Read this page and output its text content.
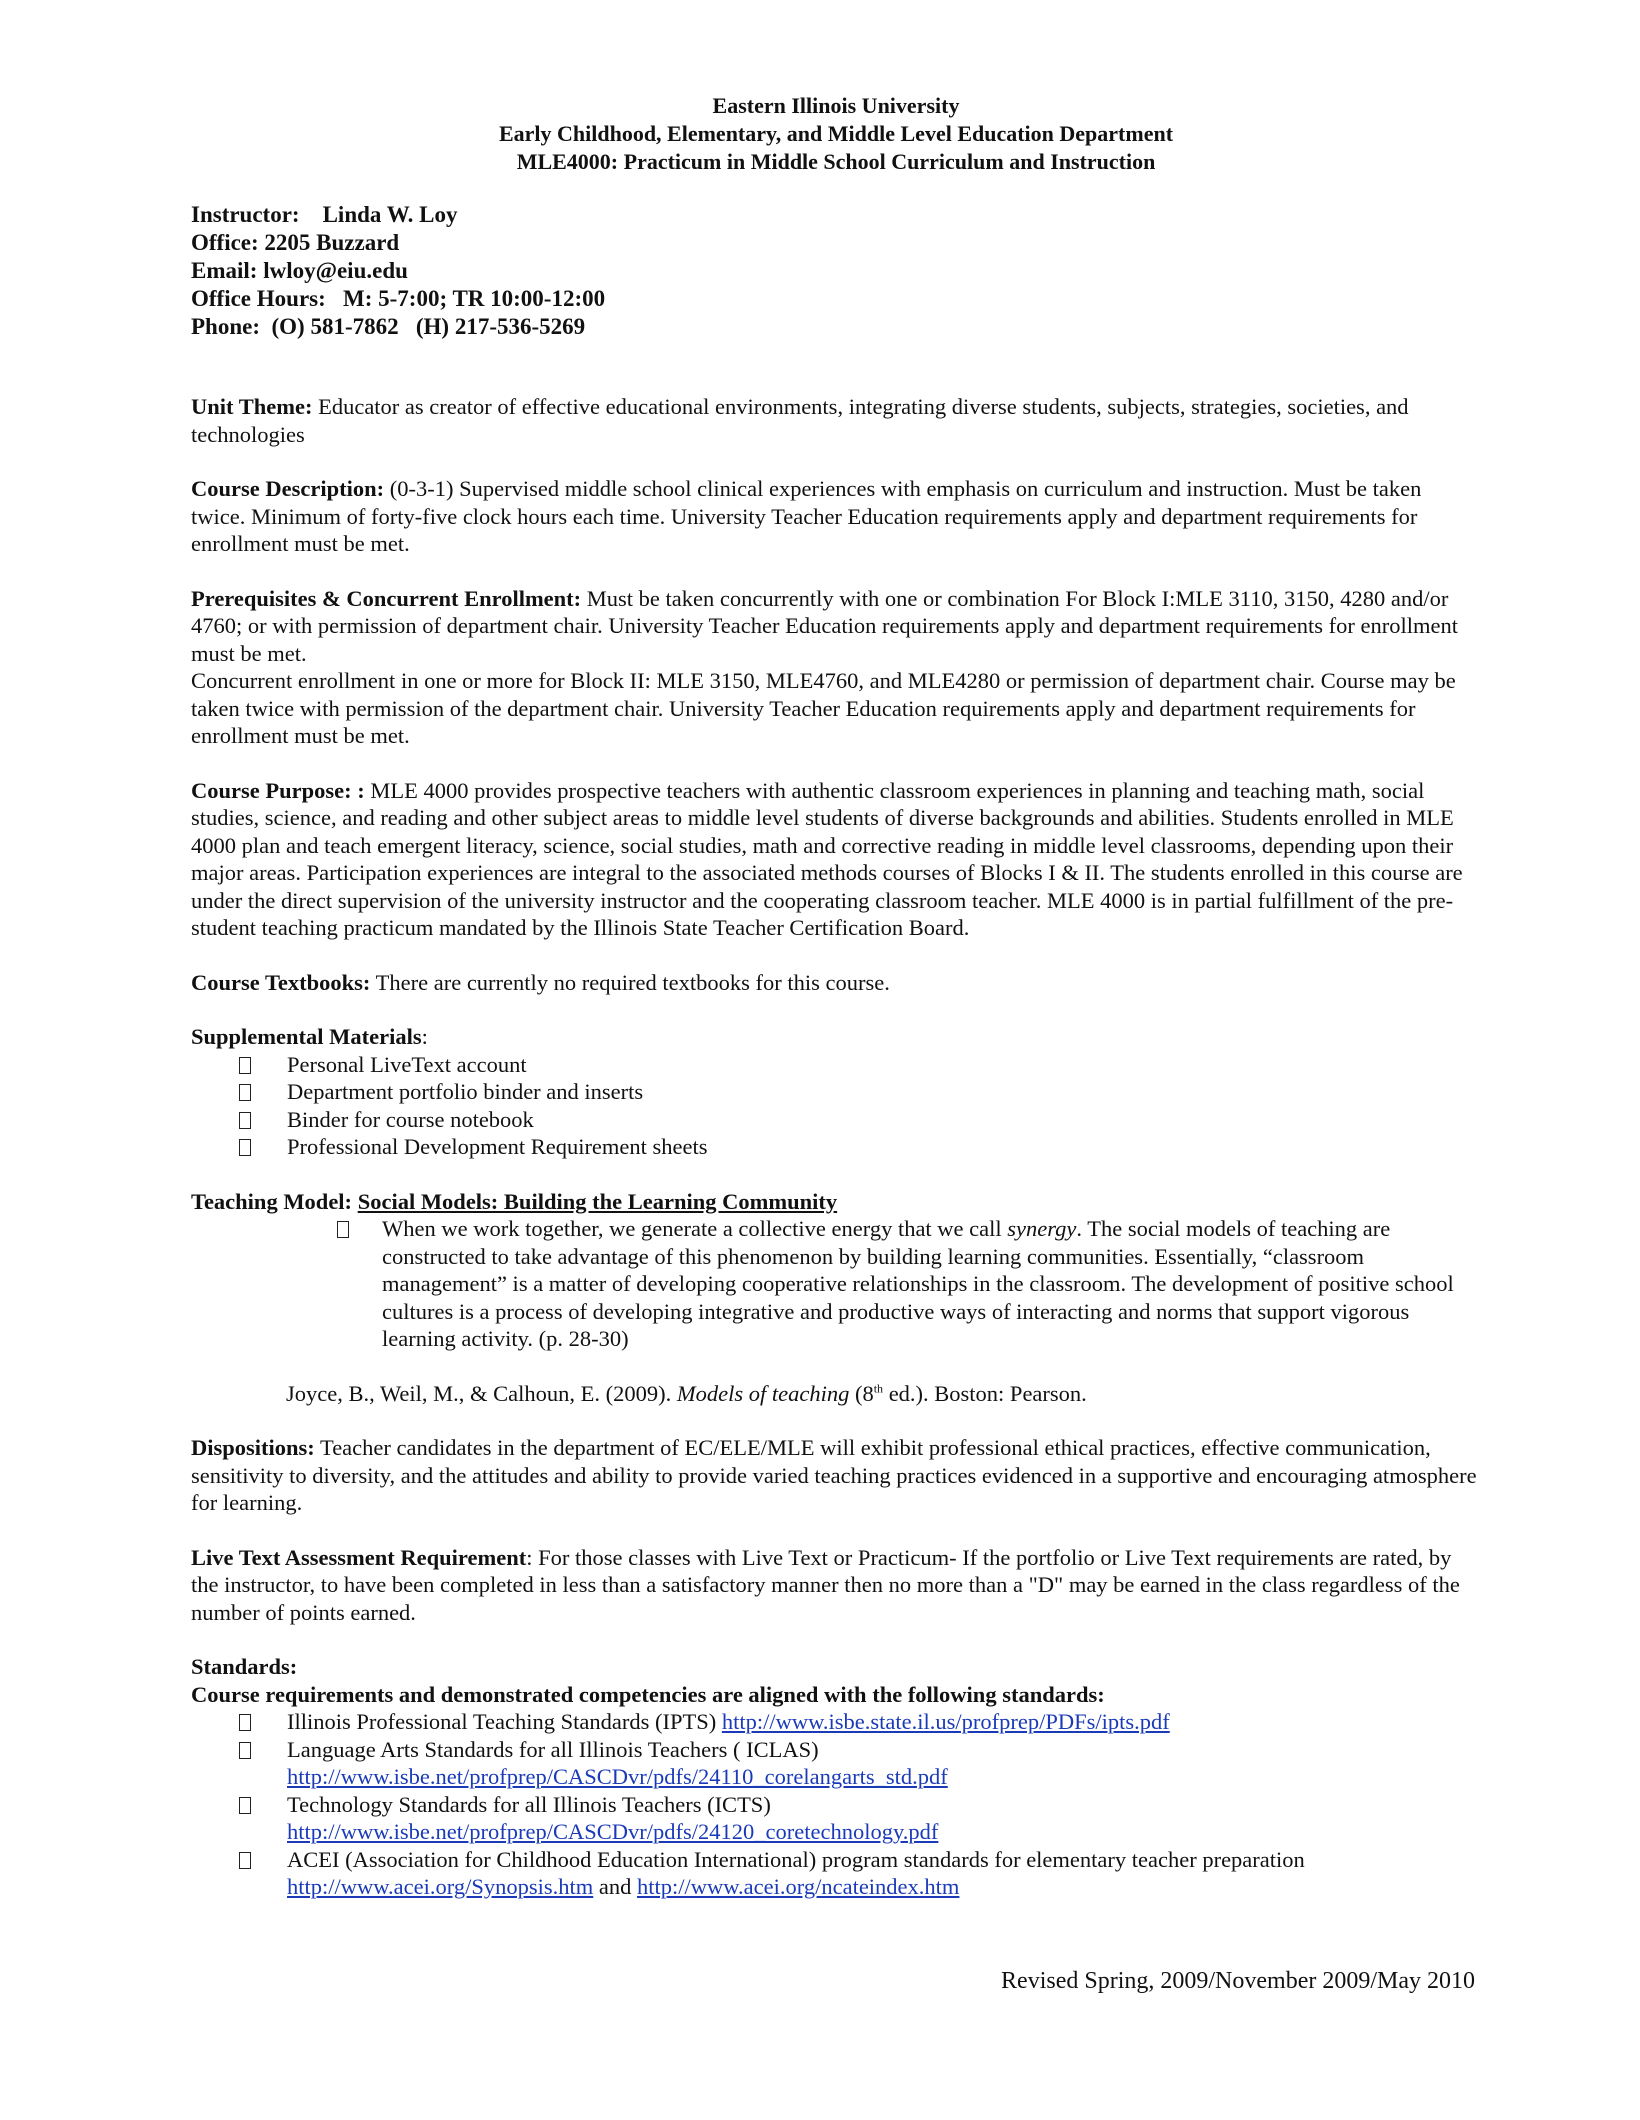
Eastern Illinois University
Early Childhood, Elementary, and Middle Level Education Department
MLE4000: Practicum in Middle School Curriculum and Instruction
Instructor: Linda W. Loy
Office: 2205 Buzzard
Email: lwloy@eiu.edu
Office Hours:   M: 5-7:00; TR 10:00-12:00
Phone:  (O) 581-7862   (H) 217-536-5269
Unit Theme: Educator as creator of effective educational environments, integrating diverse students, subjects, strategies, societies, and technologies
Course Description: (0-3-1) Supervised middle school clinical experiences with emphasis on curriculum and instruction. Must be taken twice. Minimum of forty-five clock hours each time. University Teacher Education requirements apply and department requirements for enrollment must be met.
Prerequisites & Concurrent Enrollment: Must be taken concurrently with one or combination For Block I:MLE 3110, 3150, 4280 and/or 4760; or with permission of department chair. University Teacher Education requirements apply and department requirements for enrollment must be met.
Concurrent enrollment in one or more for Block II: MLE 3150, MLE4760, and MLE4280 or permission of department chair. Course may be taken twice with permission of the department chair. University Teacher Education requirements apply and department requirements for enrollment must be met.
Course Purpose: : MLE 4000 provides prospective teachers with authentic classroom experiences in planning and teaching math, social studies, science, and reading and other subject areas to middle level students of diverse backgrounds and abilities. Students enrolled in MLE 4000 plan and teach emergent literacy, science, social studies, math and corrective reading in middle level classrooms, depending upon their major areas. Participation experiences are integral to the associated methods courses of Blocks I & II. The students enrolled in this course are under the direct supervision of the university instructor and the cooperating classroom teacher. MLE 4000 is in partial fulfillment of the pre-student teaching practicum mandated by the Illinois State Teacher Certification Board.
Course Textbooks: There are currently no required textbooks for this course.
Supplemental Materials:
Personal LiveText account
Department portfolio binder and inserts
Binder for course notebook
Professional Development Requirement sheets
Teaching Model: Social Models: Building the Learning Community
When we work together, we generate a collective energy that we call synergy. The social models of teaching are constructed to take advantage of this phenomenon by building learning communities. Essentially, “classroom management” is a matter of developing cooperative relationships in the classroom. The development of positive school cultures is a process of developing integrative and productive ways of interacting and norms that support vigorous learning activity. (p. 28-30)
Joyce, B., Weil, M., & Calhoun, E. (2009). Models of teaching (8th ed.). Boston: Pearson.
Dispositions: Teacher candidates in the department of EC/ELE/MLE will exhibit professional ethical practices, effective communication, sensitivity to diversity, and the attitudes and ability to provide varied teaching practices evidenced in a supportive and encouraging atmosphere for learning.
Live Text Assessment Requirement: For those classes with Live Text or Practicum- If the portfolio or Live Text requirements are rated, by the instructor, to have been completed in less than a satisfactory manner then no more than a "D" may be earned in the class regardless of the number of points earned.
Standards:
Course requirements and demonstrated competencies are aligned with the following standards:
Illinois Professional Teaching Standards (IPTS) http://www.isbe.state.il.us/profprep/PDFs/ipts.pdf
Language Arts Standards for all Illinois Teachers ( ICLAS)
http://www.isbe.net/profprep/CASCDvr/pdfs/24110_corelangarts_std.pdf
Technology Standards for all Illinois Teachers (ICTS)
http://www.isbe.net/profprep/CASCDvr/pdfs/24120_coretechnology.pdf
ACEI (Association for Childhood Education International) program standards for elementary teacher preparation
http://www.acei.org/Synopsis.htm and http://www.acei.org/ncateindex.htm
Revised Spring, 2009/November 2009/May 2010
